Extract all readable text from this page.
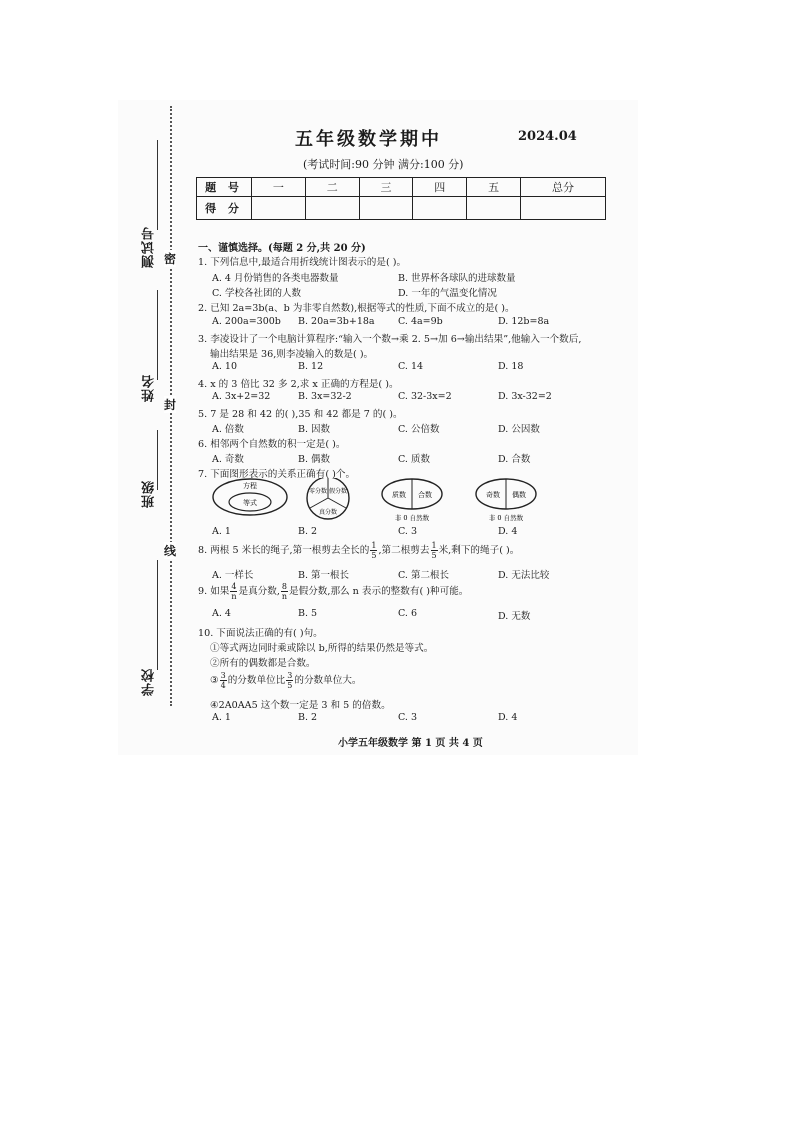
测试号
姓名
班级
学校
密
封
线
五年级数学期中	2024.04
(考试时间:90 分钟 满分:100 分)
题 号	一	二	三	四	五	总分
得 分						
一、谨慎选择。(每题 2 分,共 20 分)
1. 下列信息中,最适合用折线统计图表示的是( )。
A. 4 月份销售的各类电器数量	B. 世界杯各球队的进球数量
C. 学校各社团的人数	D. 一年的气温变化情况
2. 已知 2a=3b(a、b 为非零自然数),根据等式的性质,下面不成立的是( )。
A. 200a=300b B. 20a=3b+18a C. 4a=9b	D. 12b=8a
3. 李凌设计了一个电脑计算程序:“输入一个数→乘 2. 5→加 6→输出结果”,他输入一个数后,
输出结果是 36,则李凌输入的数是( )。
A. 10	B. 12	C. 14	D. 18
4. x 的 3 倍比 32 多 2,求 x 正确的方程是( )。
A. 3x+2=32	B. 3x=32-2	C. 32-3x=2	D. 3x-32=2
5. 7 是 28 和 42 的( ),35 和 42 都是 7 的( )。
A. 倍数	B. 因数	C. 公倍数	D. 公因数
6. 相邻两个自然数的积一定是( )。
A. 奇数	B. 偶数	C. 质数	D. 合数
7. 下面图形表示的关系正确有( )个。
方程
等式
零分数 假分数
真分数
质数 合数
非 0 自然数
奇数 偶数
非 0 自然数
A. 1	B. 2	C. 3	D. 4
8. 两根 5 米长的绳子,第一根剪去全长的 $\frac{1}{5}$ ,第二根剪去 $\frac{1}{5}$ 米,剩下的绳子( )。
A. 一样长	B. 第一根长	C. 第二根长	D. 无法比较
9. 如果 $\frac{4}{n}$ 是真分数, $\frac{8}{n}$ 是假分数,那么 n 表示的整数有( )种可能。
A. 4	B. 5	C. 6	D. 无数
10. 下面说法正确的有( )句。
①等式两边同时乘或除以 b,所得的结果仍然是等式。
②所有的偶数都是合数。
③ $\frac{3}{4}$ 的分数单位比 $\frac{3}{5}$ 的分数单位大。
④2A0AA5 这个数一定是 3 和 5 的倍数。
A. 1	B. 2	C. 3	D. 4
小学五年级数学 第 1 页 共 4 页
